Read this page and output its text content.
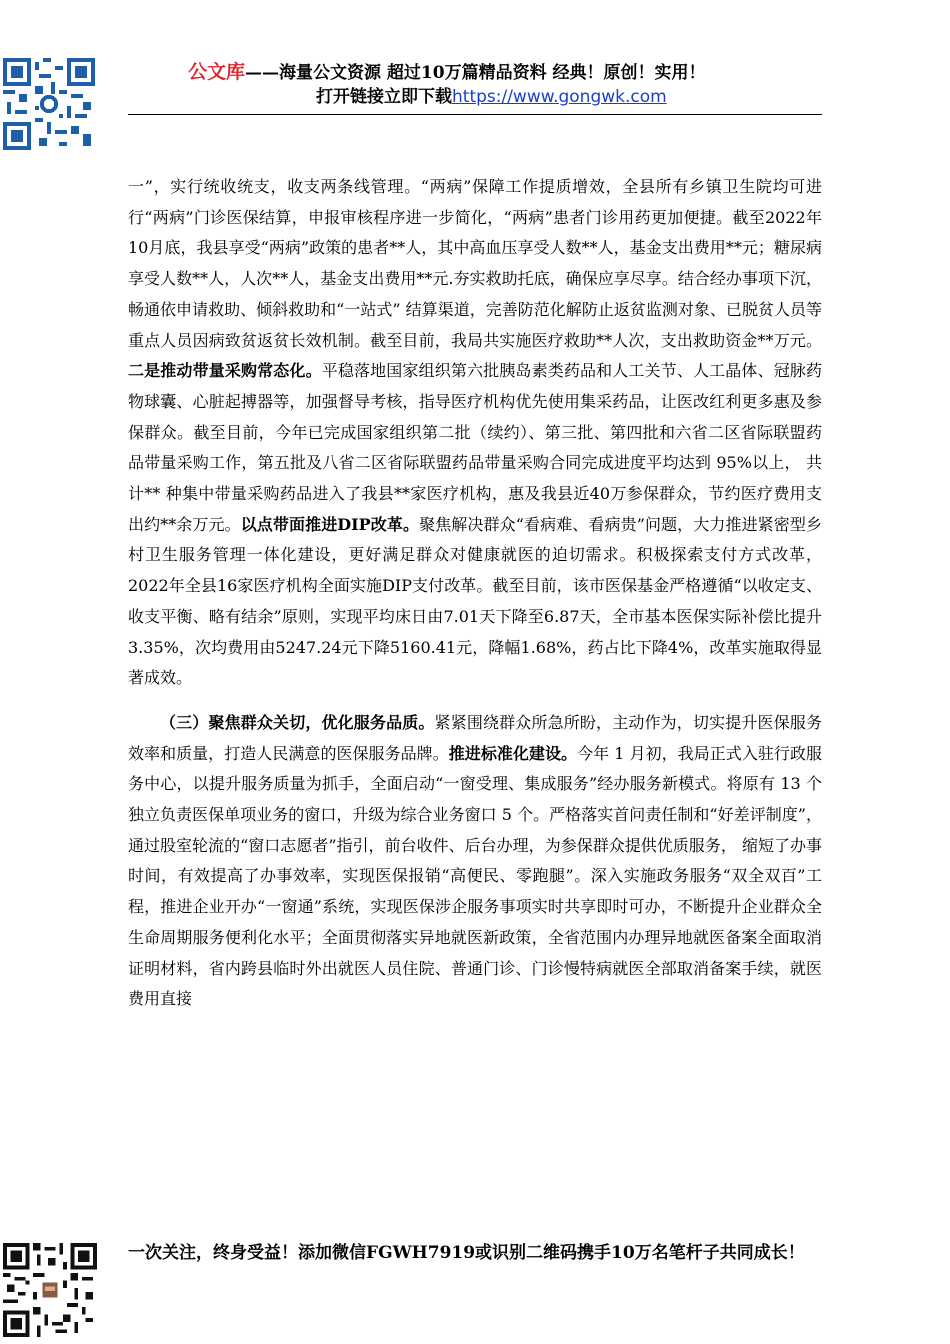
公文库——海量公文资源 超过10万篇精品资料 经典！原创！实用！
打开链接立即下载https://www.gongwk.com

一”，实行统收统支，收支两条线管理。“两病”保障工作提质增效，全县所有乡镇卫生院均可进行“两病”门诊医保结算，申报审核程序进一步简化，“两病”患者门诊用药更加便捷。截至2022年10月底，我县享受“两病”政策的患者**人，其中高血压享受人数**人，基金支出费用**元；糖尿病享受人数**人，人次**人，基金支出费用**元.夯实救助托底，确保应享尽享。结合经办事项下沉，畅通依申请救助、倾斜救助和“一站式” 结算渠道，完善防范化解防止返贫监测对象、已脱贫人员等重点人员因病致贫返贫长效机制。截至目前，我局共实施医疗救助**人次，支出救助资金**万元。二是推动带量采购常态化。平稳落地国家组织第六批胰岛素类药品和人工关节、人工晶体、冠脉药物球囊、心脏起搏器等，加强督导考核，指导医疗机构优先使用集采药品，让医改红利更多惠及参保群众。截至目前，今年已完成国家组织第二批（续约）、第三批、第四批和六省二区省际联盟药品带量采购工作，第五批及八省二区省际联盟药品带量采购合同完成进度平均达到 95%以上， 共计** 种集中带量采购药品进入了我县**家医疗机构，惠及我县近40万参保群众，节约医疗费用支出约**余万元。以点带面推进DIP改革。聚焦解决群众“看病难、看病贵”问题，大力推进紧密型乡村卫生服务管理一体化建设，更好满足群众对健康就医的迫切需求。积极探索支付方式改革，2022年全县16家医疗机构全面实施DIP支付改革。截至目前，该市医保基金严格遵循“以收定支、收支平衡、略有结余”原则，实现平均床日由7.01天下降至6.87天，全市基本医保实际补偿比提升3.35%，次均费用由5247.24元下降5160.41元，降幅1.68%，药占比下降4%，改革实施取得显著成效。

（三）聚焦群众关切，优化服务品质。紧紧围绕群众所急所盼，主动作为，切实提升医保服务效率和质量，打造人民满意的医保服务品牌。推进标准化建设。今年 1 月初，我局正式入驻行政服务中心，以提升服务质量为抓手，全面启动“一窗受理、集成服务”经办服务新模式。将原有 13 个独立负责医保单项业务的窗口，升级为综合业务窗口 5 个。严格落实首问责任制和“好差评制度”，通过股室轮流的“窗口志愿者”指引，前台收件、后台办理，为参保群众提供优质服务， 缩短了办事时间，有效提高了办事效率，实现医保报销“高便民、零跑腿”。深入实施政务服务“双全双百”工程，推进企业开办“一窗通”系统，实现医保涉企服务事项实时共享即时可办，不断提升企业群众全生命周期服务便利化水平；全面贯彻落实异地就医新政策，全省范围内办理异地就医备案全面取消证明材料，省内跨县临时外出就医人员住院、普通门诊、门诊慢特病就医全部取消备案手续，就医费用直接

一次关注，终身受益！添加微信FGWH7919或识别二维码携手10万名笔杆子共同成长！
